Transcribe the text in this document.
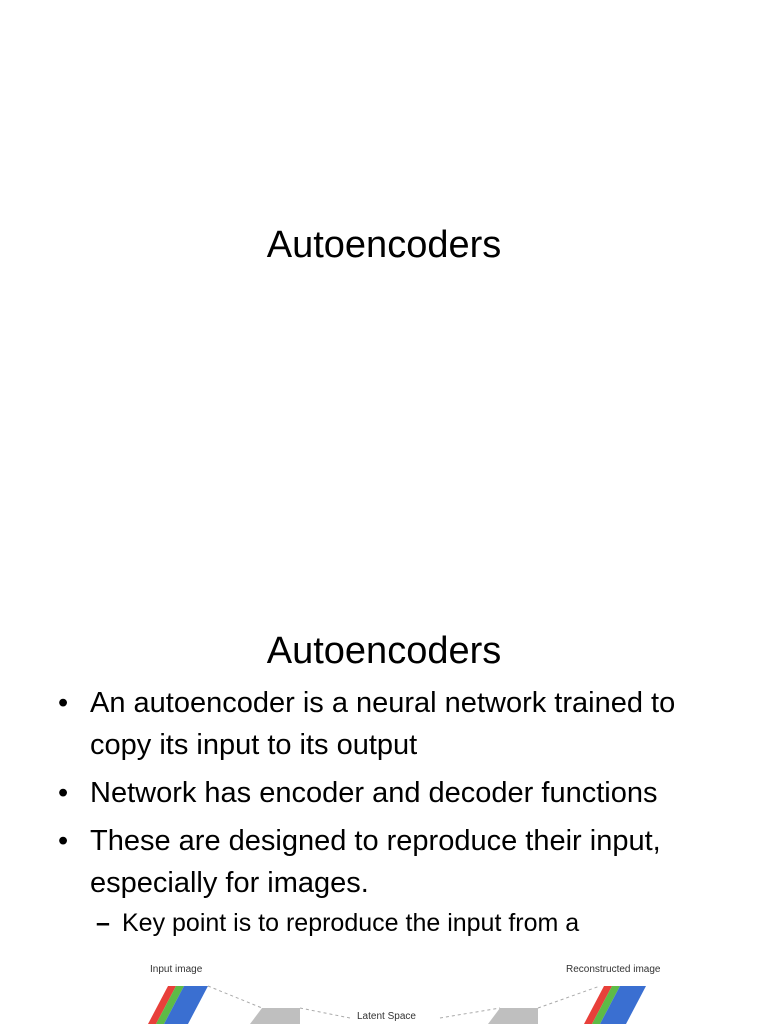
Autoencoders
Autoencoders
• An autoencoder is a neural network trained to copy its input to its output
• Network has encoder and decoder functions
• These are designed to reproduce their input, especially for images.
– Key point is to reproduce the input from a
Input image
Latent Space
Reconstructed image
